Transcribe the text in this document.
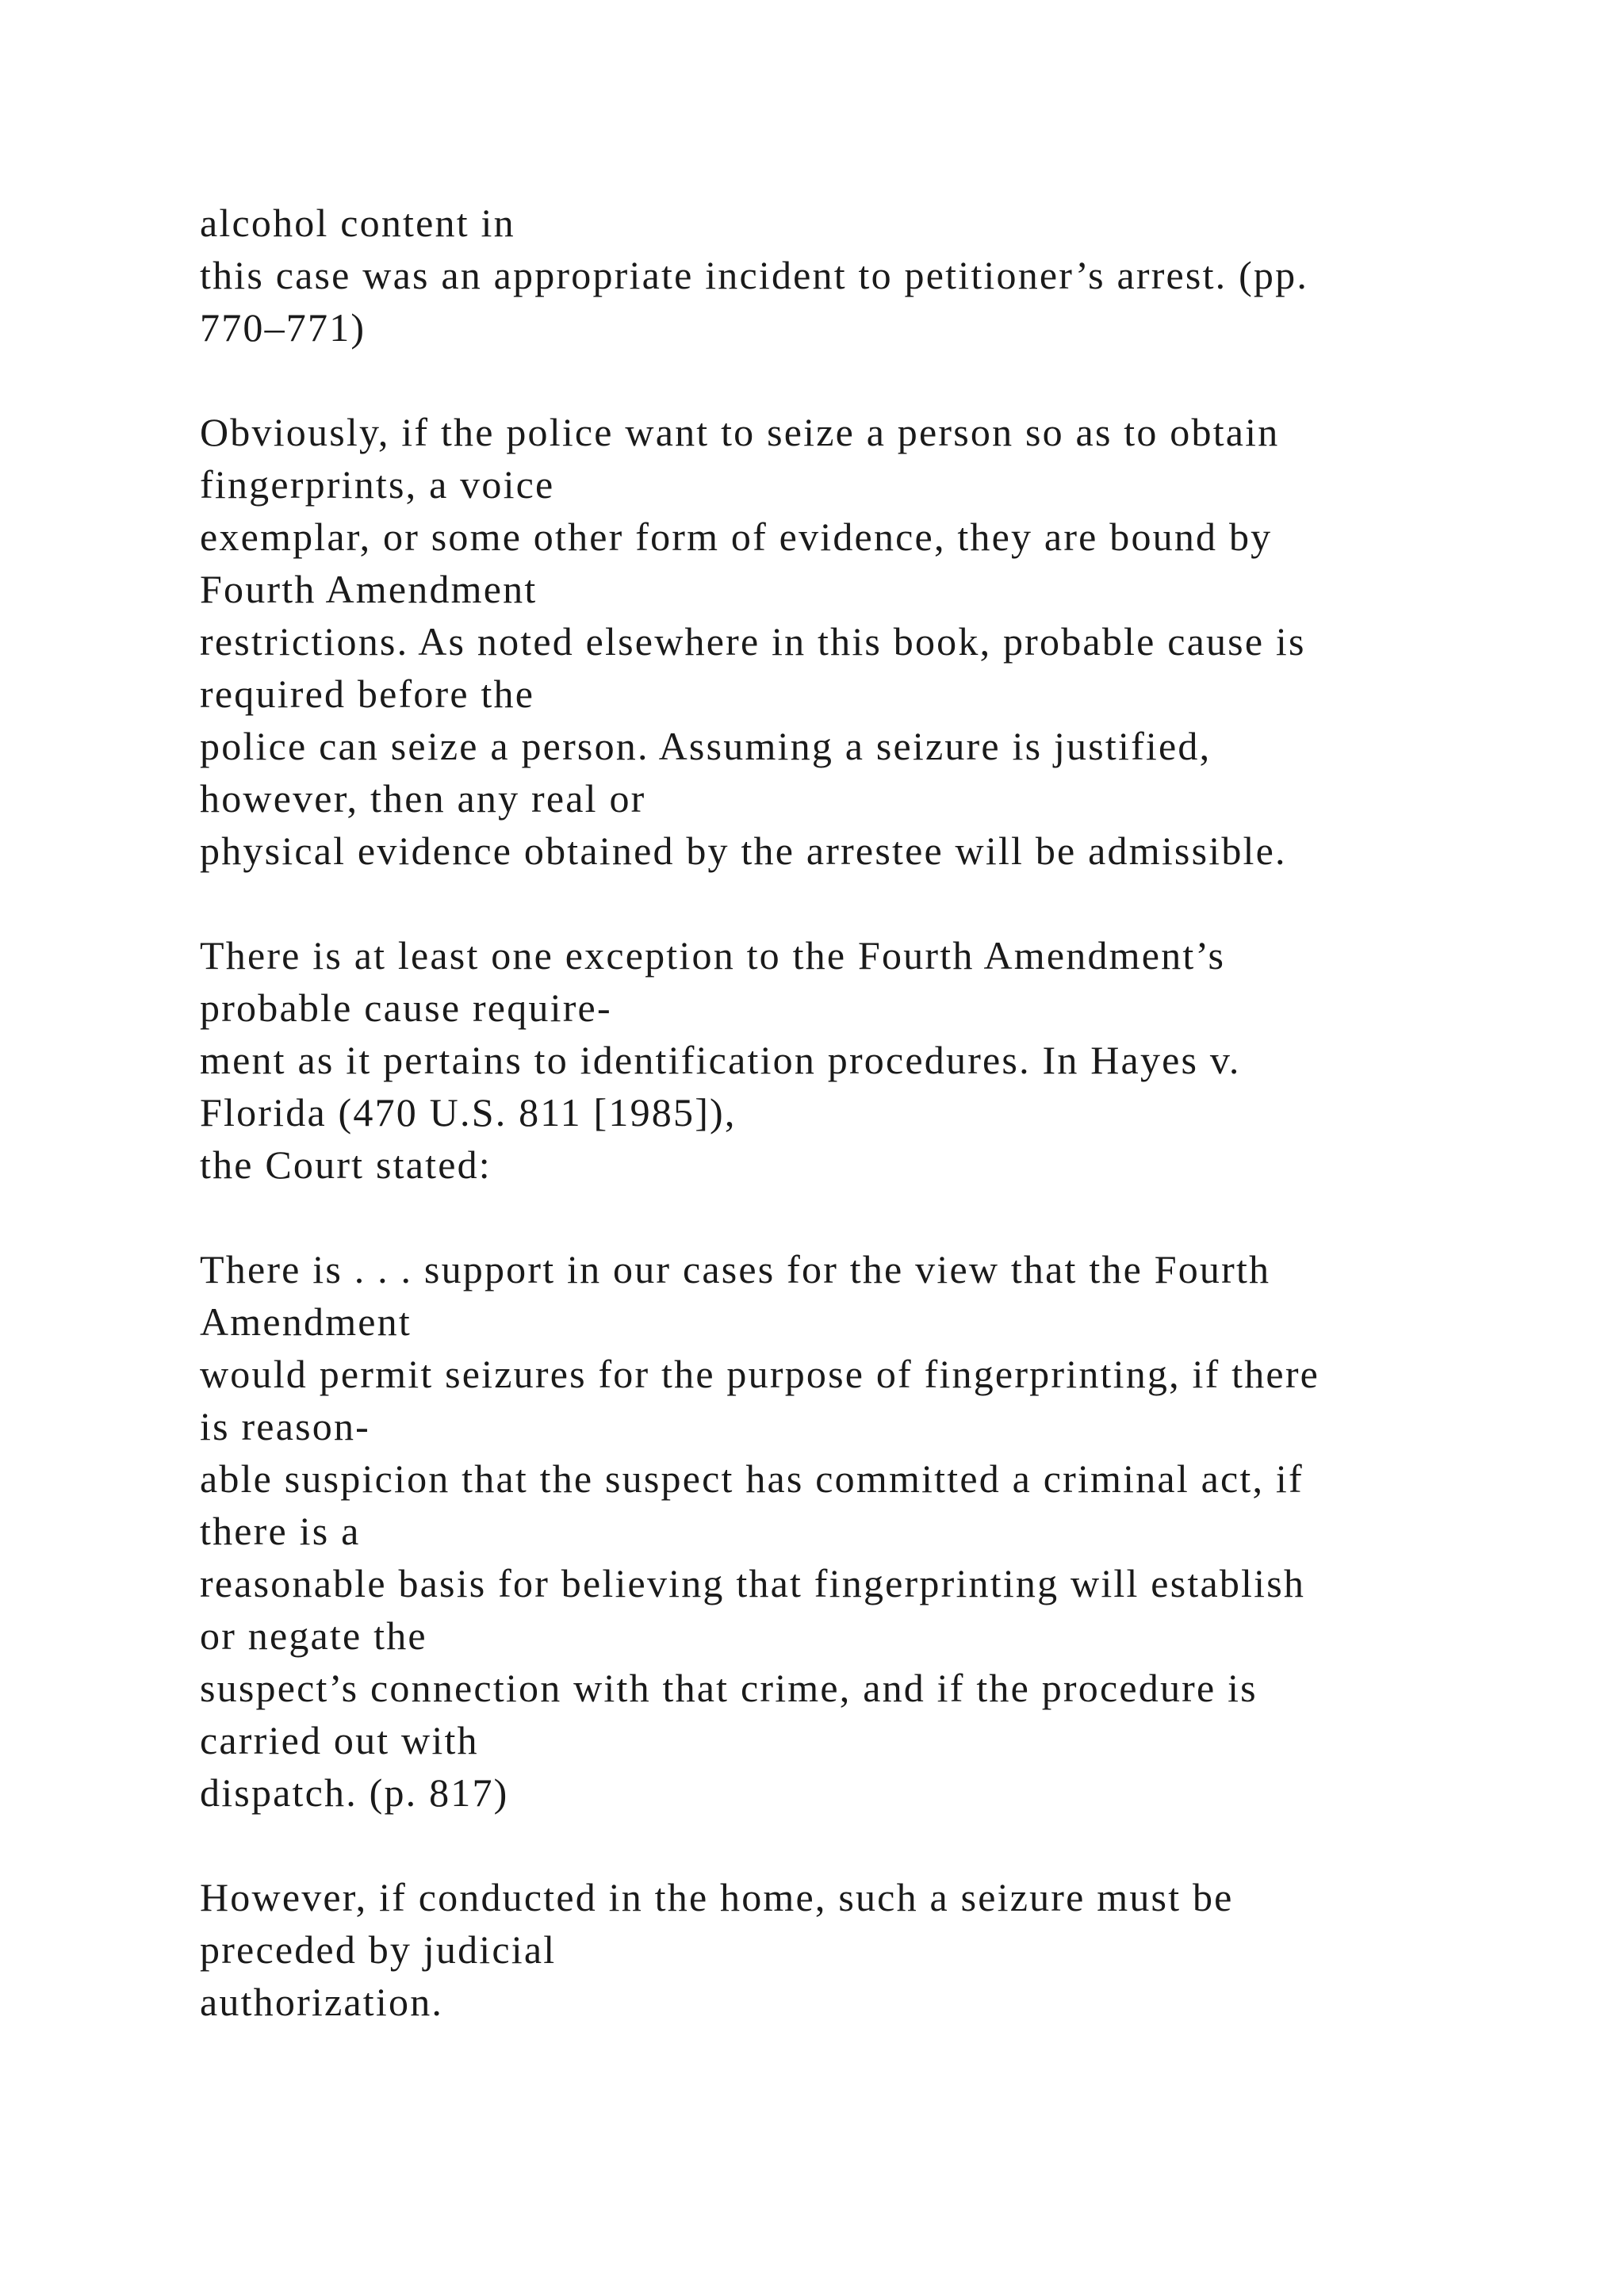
alcohol content in
this case was an appropriate incident to petitioner’s arrest. (pp.
770–771)
Obviously, if the police want to seize a person so as to obtain
fingerprints, a voice
exemplar, or some other form of evidence, they are bound by
Fourth Amendment
restrictions. As noted elsewhere in this book, probable cause is
required before the
police can seize a person. Assuming a seizure is justified,
however, then any real or
physical evidence obtained by the arrestee will be admissible.
There is at least one exception to the Fourth Amendment’s
probable cause require-
ment as it pertains to identification procedures. In Hayes v.
Florida (470 U.S. 811 [1985]),
the Court stated:
There is . . . support in our cases for the view that the Fourth
Amendment
would permit seizures for the purpose of fingerprinting, if there
is reason-
able suspicion that the suspect has committed a criminal act, if
there is a
reasonable basis for believing that fingerprinting will establish
or negate the
suspect’s connection with that crime, and if the procedure is
carried out with
dispatch. (p. 817)
However, if conducted in the home, such a seizure must be
preceded by judicial
authorization.
